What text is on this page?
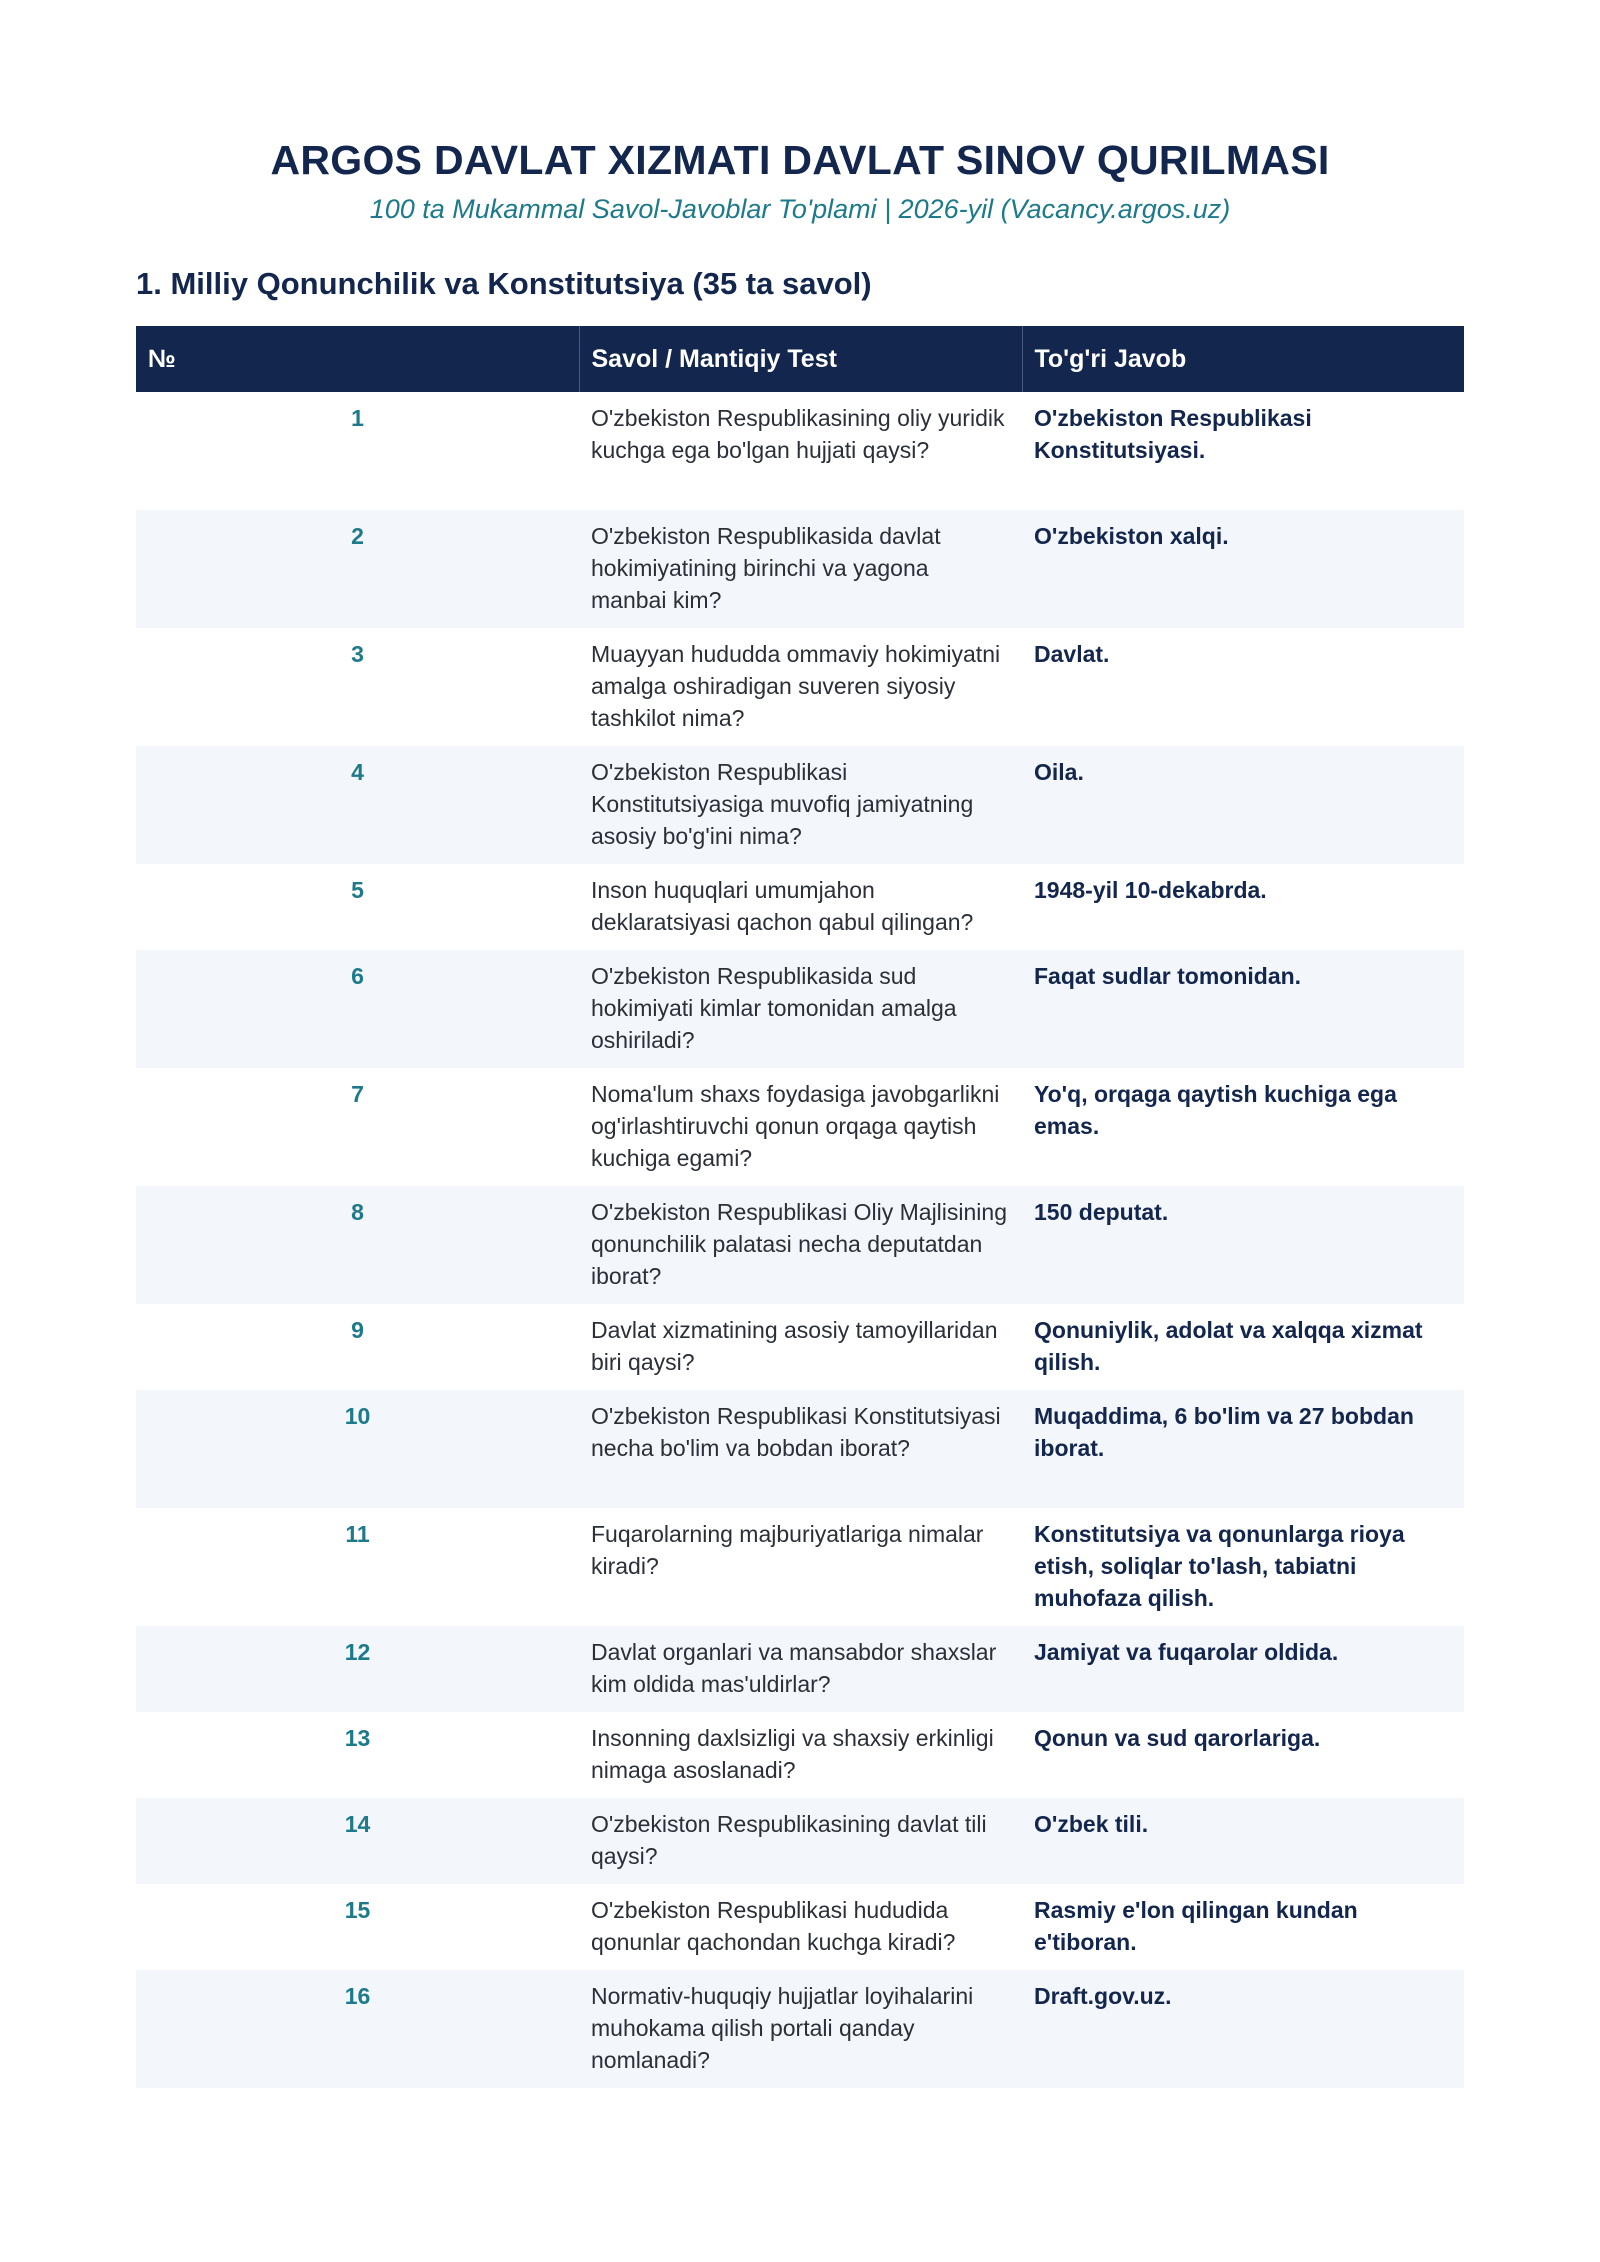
ARGOS DAVLAT XIZMATI DAVLAT SINOV QURILMASI

100 ta Mukammal Savol-Javoblar To'plami | 2026-yil (Vacancy.argos.uz)

1. Milliy Qonunchilik va Konstitutsiya (35 ta savol)
№	Savol / Mantiqiy Test	To'g'ri Javob
1	O'zbekiston Respublikasining oliy yuridik kuchga ega bo'lgan hujjati qaysi?	O'zbekiston Respublikasi Konstitutsiyasi.
2	O'zbekiston Respublikasida davlat hokimiyatining birinchi va yagona manbai kim?	O'zbekiston xalqi.
3	Muayyan hududda ommaviy hokimiyatni amalga oshiradigan suveren siyosiy tashkilot nima?	Davlat.
4	O'zbekiston Respublikasi Konstitutsiyasiga muvofiq jamiyatning asosiy bo'g'ini nima?	Oila.
5	Inson huquqlari umumjahon deklaratsiyasi qachon qabul qilingan?	1948-yil 10-dekabrda.
6	O'zbekiston Respublikasida sud hokimiyati kimlar tomonidan amalga oshiriladi?	Faqat sudlar tomonidan.
7	Noma'lum shaxs foydasiga javobgarlikni og'irlashtiruvchi qonun orqaga qaytish kuchiga egami?	Yo'q, orqaga qaytish kuchiga ega emas.
8	O'zbekiston Respublikasi Oliy Majlisining qonunchilik palatasi necha deputatdan iborat?	150 deputat.
9	Davlat xizmatining asosiy tamoyillaridan biri qaysi?	Qonuniylik, adolat va xalqqa xizmat qilish.
10	O'zbekiston Respublikasi Konstitutsiyasi necha bo'lim va bobdan iborat?	Muqaddima, 6 bo'lim va 27 bobdan iborat.
11	Fuqarolarning majburiyatlariga nimalar kiradi?	Konstitutsiya va qonunlarga rioya etish, soliqlar to'lash, tabiatni muhofaza qilish.
12	Davlat organlari va mansabdor shaxslar kim oldida mas'uldirlar?	Jamiyat va fuqarolar oldida.
13	Insonning daxlsizligi va shaxsiy erkinligi nimaga asoslanadi?	Qonun va sud qarorlariga.
14	O'zbekiston Respublikasining davlat tili qaysi?	O'zbek tili.
15	O'zbekiston Respublikasi hududida qonunlar qachondan kuchga kiradi?	Rasmiy e'lon qilingan kundan e'tiboran.
16	Normativ-huquqiy hujjatlar loyihalarini muhokama qilish portali qanday nomlanadi?	Draft.gov.uz.
